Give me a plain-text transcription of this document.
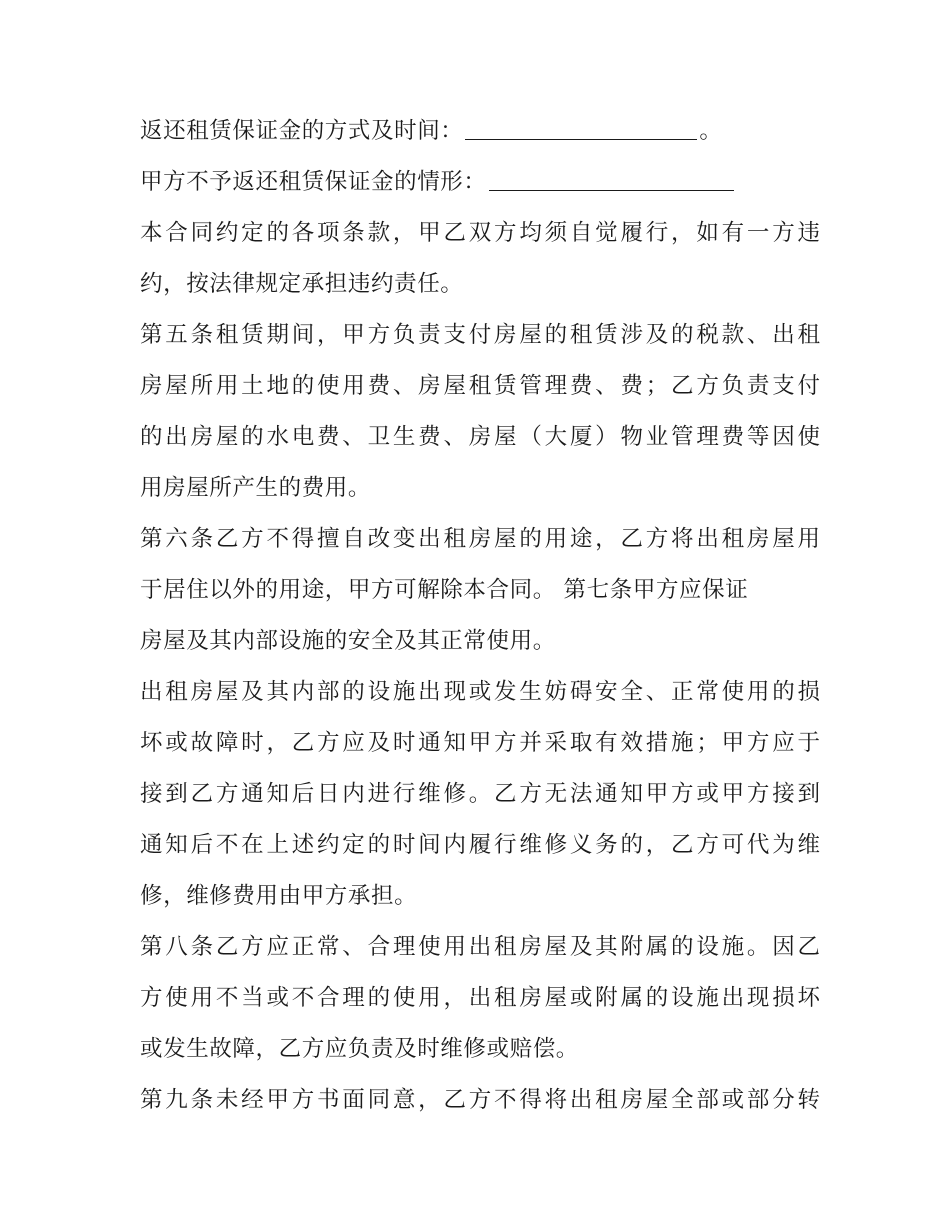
返还租赁保证金的方式及时间：	。
甲方不予返还租赁保证金的情形：
本合同约定的各项条款，甲乙双方均须自觉履行，如有一方违
约，按法律规定承担违约责任。
第五条租赁期间，甲方负责支付房屋的租赁涉及的税款、出租
房屋所用土地的使用费、房屋租赁管理费、费；乙方负责支付
的出房屋的水电费、卫生费、房屋（大厦）物业管理费等因使
用房屋所产生的费用。
第六条乙方不得擅自改变出租房屋的用途，乙方将出租房屋用
于居住以外的用途，甲方可解除本合同。 第七条甲方应保证
房屋及其内部设施的安全及其正常使用。
出租房屋及其内部的设施出现或发生妨碍安全、正常使用的损
坏或故障时，乙方应及时通知甲方并采取有效措施；甲方应于
接到乙方通知后日内进行维修。乙方无法通知甲方或甲方接到
通知后不在上述约定的时间内履行维修义务的，乙方可代为维
修，维修费用由甲方承担。
第八条乙方应正常、合理使用出租房屋及其附属的设施。因乙
方使用不当或不合理的使用，出租房屋或附属的设施出现损坏
或发生故障，乙方应负责及时维修或赔偿。
第九条未经甲方书面同意，乙方不得将出租房屋全部或部分转
